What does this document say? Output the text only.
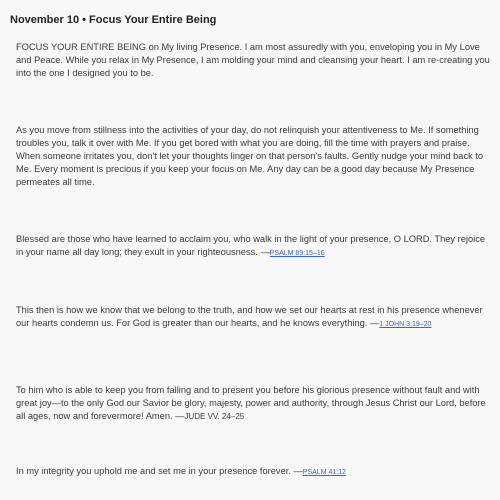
November 10 • Focus Your Entire Being

FOCUS YOUR ENTIRE BEING on My living Presence. I am most assuredly with you, enveloping you in My Love and Peace. While you relax in My Presence, I am molding your mind and cleansing your heart. I am re-creating you into the one I designed you to be.

As you move from stillness into the activities of your day, do not relinquish your attentiveness to Me. If something troubles you, talk it over with Me. If you get bored with what you are doing, fill the time with prayers and praise. When someone irritates you, don't let your thoughts linger on that person's faults. Gently nudge your mind back to Me. Every moment is precious if you keep your focus on Me. Any day can be a good day because My Presence permeates all time.

Blessed are those who have learned to acclaim you, who walk in the light of your presence, O LORD. They rejoice in your name all day long; they exult in your righteousness. —PSALM 89:15–16

This then is how we know that we belong to the truth, and how we set our hearts at rest in his presence whenever our hearts condemn us. For God is greater than our hearts, and he knows everything. —1 JOHN 3:19–20

To him who is able to keep you from falling and to present you before his glorious presence without fault and with great joy—to the only God our Savior be glory, majesty, power and authority, through Jesus Christ our Lord, before all ages, now and forevermore! Amen. —JUDE VV. 24–25

In my integrity you uphold me and set me in your presence forever. —PSALM 41:12
